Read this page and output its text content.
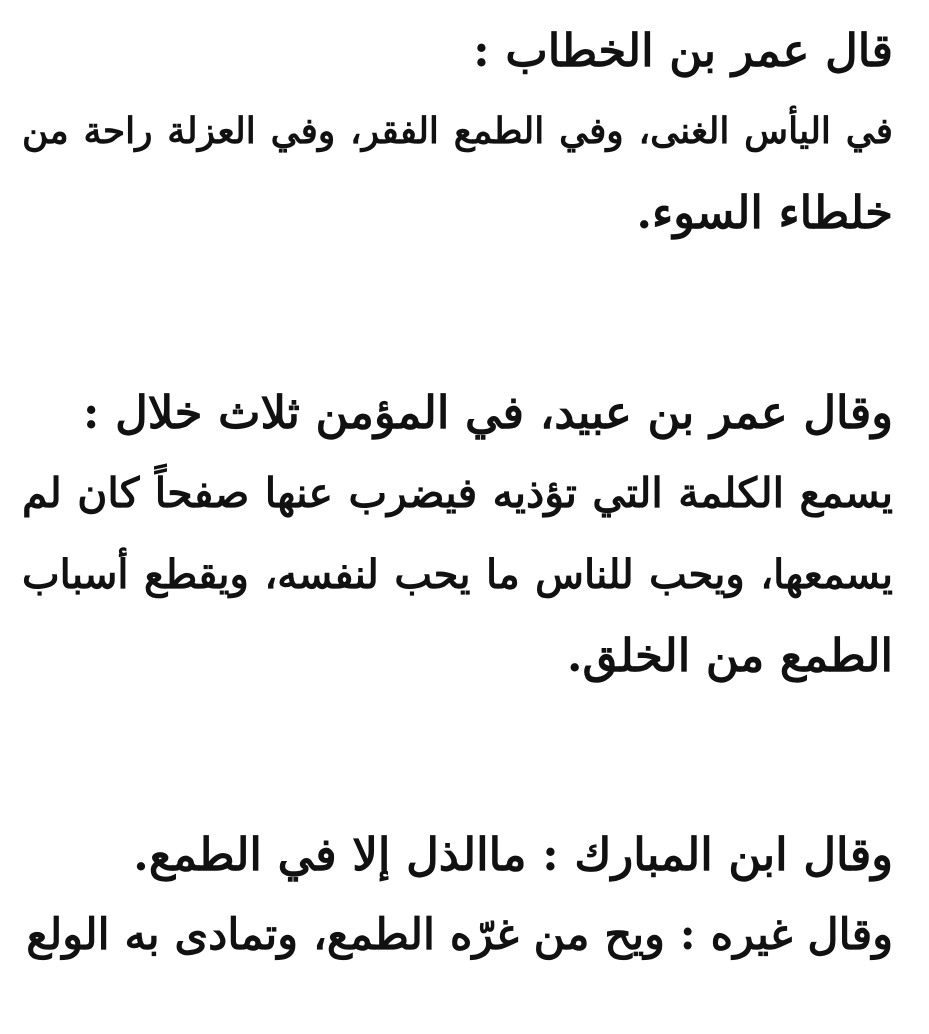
قال عمر بن الخطاب :
في اليأس الغنى، وفي الطمع الفقر، وفي العزلة راحة من
خلطاء السوء.
وقال عمر بن عبيد، في المؤمن ثلاث خلال :
يسمع الكلمة التي تؤذيه فيضرب عنها صفحاً كان لم
يسمعها، ويحب للناس ما يحب لنفسه، ويقطع أسباب
الطمع من الخلق.
وقال ابن المبارك : ماالذل إلا في الطمع.
وقال غيره : ويح من غرّه الطمع، وتمادى به الولع
